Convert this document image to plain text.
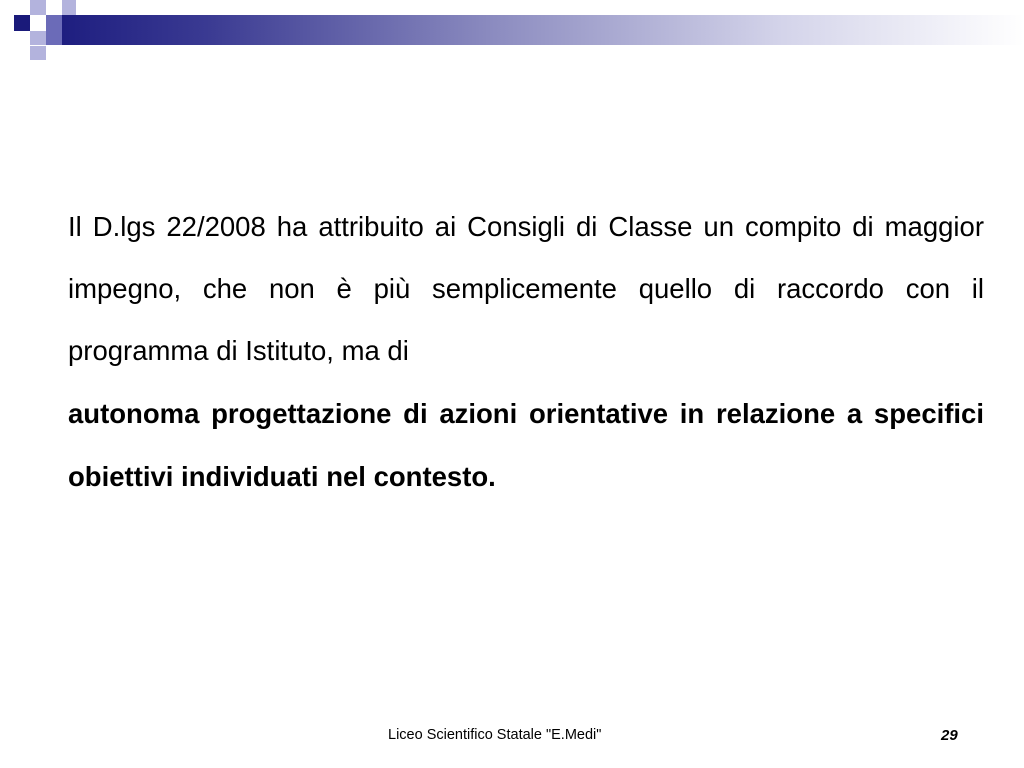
Il D.lgs 22/2008 ha attribuito ai Consigli di Classe un compito di maggior impegno, che non è più semplicemente quello di raccordo con il programma di Istituto, ma di

autonoma progettazione di azioni orientative in relazione a specifici obiettivi individuati nel contesto.

Liceo Scientifico Statale "E.Medi"	29
